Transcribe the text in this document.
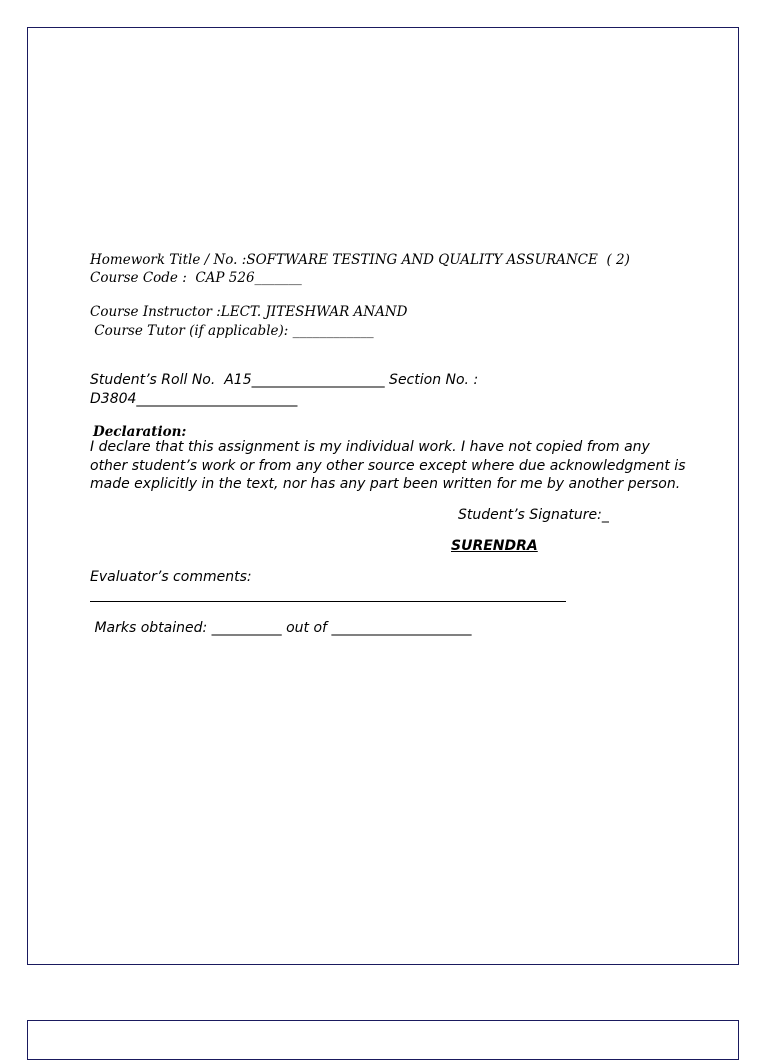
Homework Title / No. :SOFTWARE TESTING AND QUALITY ASSURANCE  ( 2)
Course Code :  CAP 526_______
Course Instructor :LECT. JITESHWAR ANAND
Course Tutor (if applicable): ____________
Student’s Roll No.  A15___________________ Section No. :
D3804_______________________
Declaration:
I declare that this assignment is my individual work. I have not copied from any
other student’s work or from any other source except where due acknowledgment is
made explicitly in the text, nor has any part been written for me by another person.
Student’s Signature:_
SURENDRA
Evaluator’s comments:
Marks obtained: __________ out of ____________________
